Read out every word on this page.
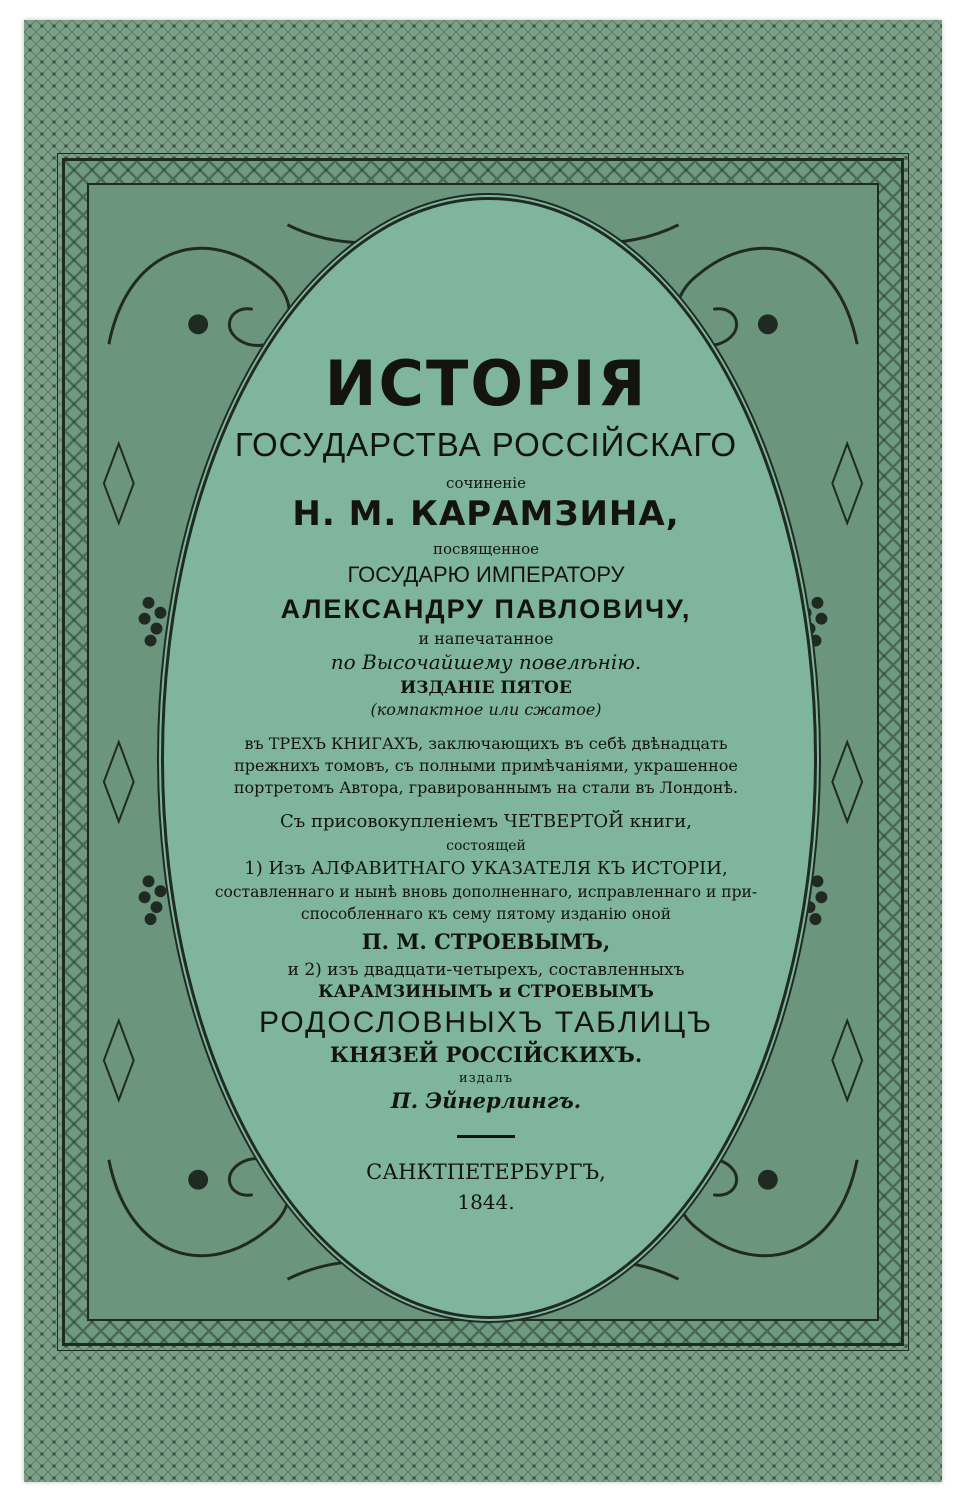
ИСТОРІЯ
ГОСУДАРСТВА РОССІЙСКАГО
сочиненіе
Н. М. КАРАМЗИНА,
посвященное
ГОСУДАРЮ ИМПЕРАТОРУ
АЛЕКСАНДРУ ПАВЛОВИЧУ,
и напечатанное
по Высочайшему повелѣнію.
ИЗДАНІЕ ПЯТОЕ
(компактное или сжатое)
въ ТРЕХЪ КНИГАХЪ, заключающихъ въ себѣ двѣнадцать
прежнихъ томовъ, съ полными примѣчаніями, украшенное
портретомъ Автора, гравированнымъ на стали въ Лондонѣ.
Съ присовокупленіемъ ЧЕТВЕРТОЙ книги,
состоящей
1) Изъ АЛФАВИТНАГО УКАЗАТЕЛЯ КЪ ИСТОРІИ,
составленнаго и нынѣ вновь дополненнаго, исправленнаго и при-
способленнаго къ сему пятому изданію оной
П. М. СТРОЕВЫМЪ,
и 2) изъ двадцати-четырехъ, составленныхъ
КАРАМЗИНЫМЪ и СТРОЕВЫМЪ
РОДОСЛОВНЫХЪ ТАБЛИЦЪ
КНЯЗЕЙ РОССІЙСКИХЪ.
издалъ
П. Эйнерлингъ.
САНКТПЕТЕРБУРГЪ,
1844.
